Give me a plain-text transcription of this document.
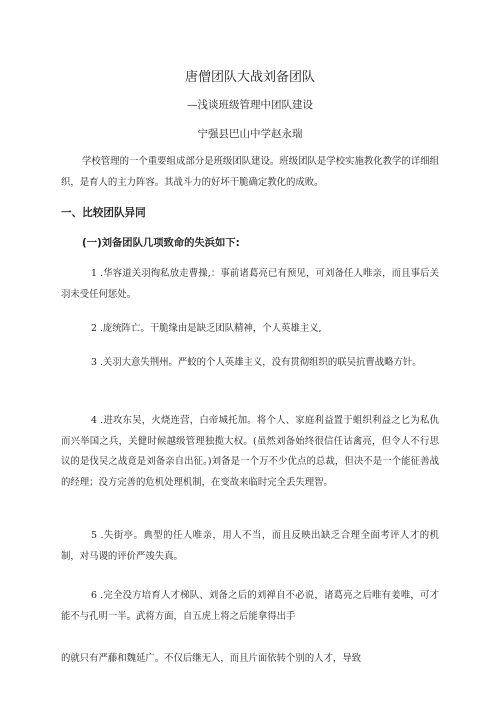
唐僧团队大战刘备团队
—浅谈班级管理中团队建设
宁强县巴山中学赵永瑞
学校管理的一个重要组成部分是班级团队建设。班级团队是学校实施教化教学的详细组织，是育人的主力阵容。其战斗力的好坏干脆确定教化的成败。
一、比较团队异同
(一)刘备团队几项致命的失浜如下:
1 .华容道关羽徇私放走曹操,：事前诸葛亮已有预见，可刘备任人唯亲，而且事后关羽未受任何惩处。
2 .庞统阵亡。干脆缘由是缺乏团队精神，个人英雄主义,
3 .关羽大意失荆州。严蛟的个人英雄主义，没有贯彻组织的联吴抗曹战略方针。
4 .进攻东吴，火烧连营，白帝城托加。将个人、家庭利益置于蛆织利益之匕为私仇而兴举国之兵，关健时候越级管理独揽大权。(虽然刘备始终很信任诂禽亮，但令人不行思议的是伐吴之战竟是刘备亲自出征。)刘备是一个万不少优点的总裁，但决不是一个能征善战的经理；没方完善的危机处理机制，在变故来临时完全丢失理智。
5 .失街亭。典型的任人唯亲，用人不当，而且反映出缺乏合理全面考评人才的机制，对马谡的评价严竣失真。
6 .完全没方培育人才梯队、刘备之后的刘禅自不必说，诸葛亮之后唯有姜唯，可才能不与孔明一半。武将方面，自五虎上将之后能拿得出手
的就只有严藤和魏延广。不仅后继无人，而且片面依转个别的人才，导致
